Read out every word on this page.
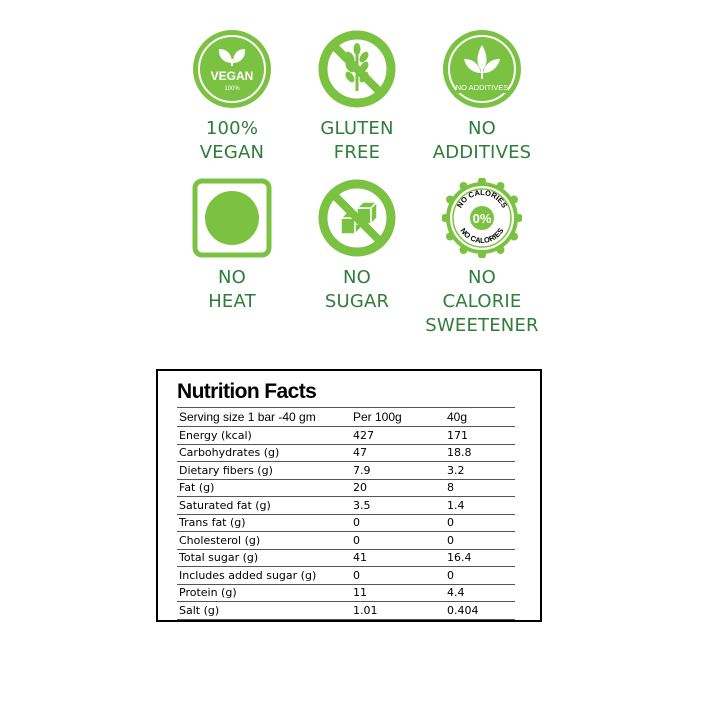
VEGAN
100%
100%
VEGAN
GLUTEN
FREE
NO ADDITIVES
NO
ADDITIVES
NO
HEAT
NO
SUGAR
NO CALORIES
NO CALORIES
0%
NO
CALORIE
SWEETENER
Nutrition Facts
Serving size 1 bar -40 gm	Per 100g	40g
Energy (kcal)	427	171
Carbohydrates (g)	47	18.8
Dietary fibers (g)	7.9	3.2
Fat (g)	20	8
Saturated fat (g)	3.5	1.4
Trans fat (g)	0	0
Cholesterol (g)	0	0
Total sugar (g)	41	16.4
Includes added sugar (g)	0	0
Protein (g)	11	4.4
Salt (g)	1.01	0.404
